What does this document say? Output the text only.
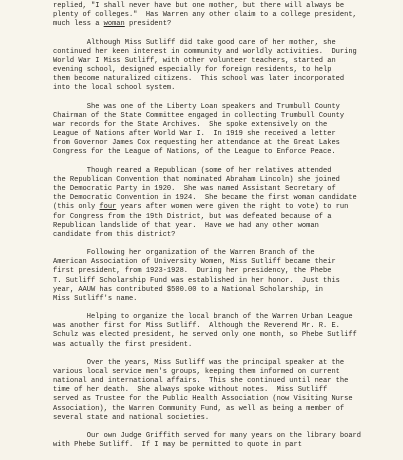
replied, "I shall never have but one mother, but there will always be
plenty of colleges."  Has Warren any other claim to a college president,
much less a woman president?
Although Miss Sutliff did take good care of her mother, she
continued her keen interest in community and worldly activities.  During
World War I Miss Sutliff, with other volunteer teachers, started an
evening school, designed especially for foreign residents, to help
them become naturalized citizens.  This school was later incorporated
into the local school system.
She was one of the Liberty Loan speakers and Trumbull County
Chairman of the State Committee engaged in collecting Trumbull County
war records for the State Archives.  She spoke extensively on the
League of Nations after World War I.  In 1919 she received a letter
from Governor James Cox requesting her attendance at the Great Lakes
Congress for the League of Nations, of the League to Enforce Peace.
Though reared a Republican (some of her relatives attended
the Republican Convention that nominated Abraham Lincoln) she joined
the Democratic Party in 1920.  She was named Assistant Secretary of
the Democratic Convention in 1924.  She became the first woman candidate
(this only four years after women were given the right to vote) to run
for Congress from the 19th District, but was defeated because of a
Republican landslide of that year.  Have we had any other woman
candidate from this district?
Following her organization of the Warren Branch of the
American Association of University Women, Miss Sutliff became their
first president, from 1923-1928.  During her presidency, the Phebe
T. Sutliff Scholarship Fund was established in her honor.  Just this
year, AAUW has contributed $500.00 to a National Scholarship, in
Miss Sutliff's name.
Helping to organize the local branch of the Warren Urban League
was another first for Miss Sutliff.  Although the Reverend Mr. R. E.
Schulz was elected president, he served only one month, so Phebe Sutliff
was actually the first president.
Over the years, Miss Sutliff was the principal speaker at the
various local service men's groups, keeping them informed on current
national and international affairs.  This she continued until near the
time of her death.  She always spoke without notes.  Miss Sutliff
served as Trustee for the Public Health Association (now Visiting Nurse
Association), the Warren Community Fund, as well as being a member of
several state and national societies.
Our own Judge Griffith served for many years on the library board
with Phebe Sutliff.  If I may be permitted to quote in part
